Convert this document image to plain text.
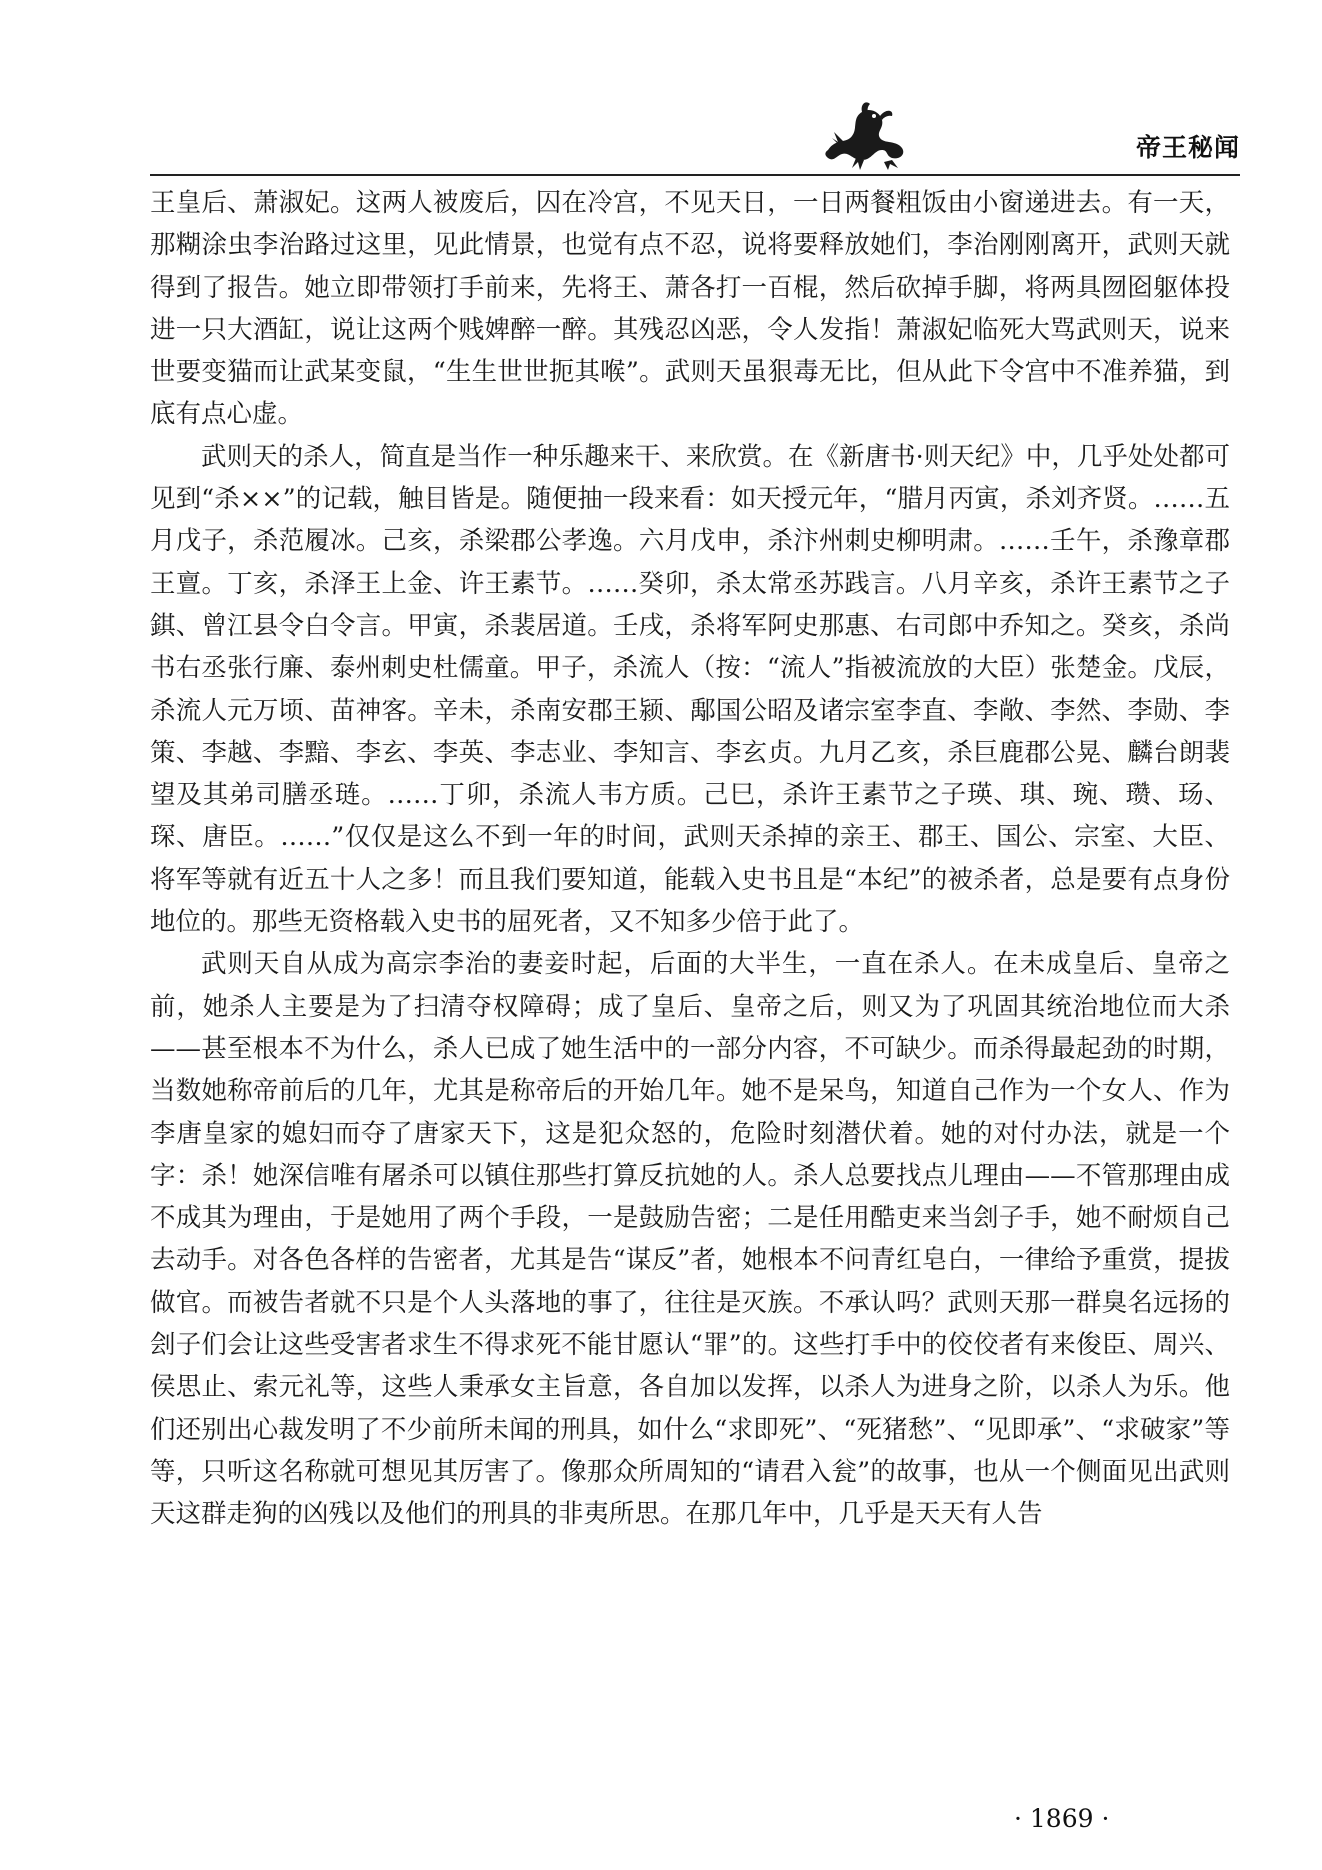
帝王秘闻

王皇后、萧淑妃。这两人被废后，囚在冷宫，不见天日，一日两餐粗饭由小窗递进去。有一天，那糊涂虫李治路过这里，见此情景，也觉有点不忍，说将要释放她们，李治刚刚离开，武则天就得到了报告。她立即带领打手前来，先将王、萧各打一百棍，然后砍掉手脚，将两具囫囵躯体投进一只大酒缸，说让这两个贱婢醉一醉。其残忍凶恶，令人发指！萧淑妃临死大骂武则天，说来世要变猫而让武某变鼠，“生生世世扼其喉”。武则天虽狠毒无比，但从此下令宫中不准养猫，到底有点心虚。

武则天的杀人，简直是当作一种乐趣来干、来欣赏。在《新唐书·则天纪》中，几乎处处都可见到“杀××”的记载，触目皆是。随便抽一段来看：如天授元年，“腊月丙寅，杀刘齐贤。……五月戊子，杀范履冰。己亥，杀梁郡公孝逸。六月戊申，杀汴州刺史柳明肃。……壬午，杀豫章郡王亶。丁亥，杀泽王上金、许王素节。……癸卯，杀太常丞苏践言。八月辛亥，杀许王素节之子錤、曾江县令白令言。甲寅，杀裴居道。壬戌，杀将军阿史那惠、右司郎中乔知之。癸亥，杀尚书右丞张行廉、泰州刺史杜儒童。甲子，杀流人（按：“流人”指被流放的大臣）张楚金。戊辰，杀流人元万顷、苗神客。辛未，杀南安郡王颍、鄅国公昭及诸宗室李直、李敞、李然、李勋、李策、李越、李黯、李玄、李英、李志业、李知言、李玄贞。九月乙亥，杀巨鹿郡公晃、麟台朗裴望及其弟司膳丞琏。……丁卯，杀流人韦方质。己巳，杀许王素节之子瑛、琪、琬、瓒、玚、琛、唐臣。……”仅仅是这么不到一年的时间，武则天杀掉的亲王、郡王、国公、宗室、大臣、将军等就有近五十人之多！而且我们要知道，能载入史书且是“本纪”的被杀者，总是要有点身份地位的。那些无资格载入史书的屈死者，又不知多少倍于此了。

武则天自从成为高宗李治的妻妾时起，后面的大半生，一直在杀人。在未成皇后、皇帝之前，她杀人主要是为了扫清夺权障碍；成了皇后、皇帝之后，则又为了巩固其统治地位而大杀——甚至根本不为什么，杀人已成了她生活中的一部分内容，不可缺少。而杀得最起劲的时期，当数她称帝前后的几年，尤其是称帝后的开始几年。她不是呆鸟，知道自己作为一个女人、作为李唐皇家的媳妇而夺了唐家天下，这是犯众怒的，危险时刻潜伏着。她的对付办法，就是一个字：杀！她深信唯有屠杀可以镇住那些打算反抗她的人。杀人总要找点儿理由——不管那理由成不成其为理由，于是她用了两个手段，一是鼓励告密；二是任用酷吏来当刽子手，她不耐烦自己去动手。对各色各样的告密者，尤其是告“谋反”者，她根本不问青红皂白，一律给予重赏，提拔做官。而被告者就不只是个人头落地的事了，往往是灭族。不承认吗？武则天那一群臭名远扬的刽子们会让这些受害者求生不得求死不能甘愿认“罪”的。这些打手中的佼佼者有来俊臣、周兴、侯思止、索元礼等，这些人秉承女主旨意，各自加以发挥，以杀人为进身之阶，以杀人为乐。他们还别出心裁发明了不少前所未闻的刑具，如什么“求即死”、“死猪愁”、“见即承”、“求破家”等等，只听这名称就可想见其厉害了。像那众所周知的“请君入瓮”的故事，也从一个侧面见出武则天这群走狗的凶残以及他们的刑具的非夷所思。在那几年中，几乎是天天有人告

· 1869 ·
